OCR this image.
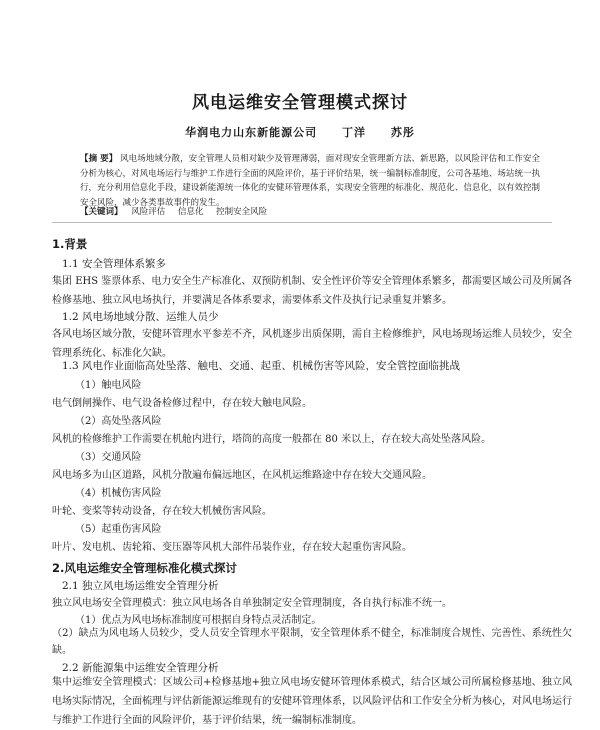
风电运维安全管理模式探讨
华润电力山东新能源公司 丁洋 苏彤
【摘 要】 风电场地域分散，安全管理人员相对缺少及管理薄弱，面对现安全管理新方法、新思路，以风险评估和工作安全分析为核心，对风电场运行与维护工作进行全面的风险评价，基于评价结果，统一编制标准制度，公司各基地、场站统一执行，充分利用信息化手段，建设新能源统一体化的安健环管理体系，实现安全管理的标准化、规范化、信息化，以有效控制安全风险，减少各类事故事件的发生。
【关键词】 风险评估 信息化 控制安全风险
1.背景
1.1 安全管理体系繁多
集团 EHS 鉴票体系、电力安全生产标准化、双预防机制、安全性评价等安全管理体系繁多，都需要区域公司及所属各检修基地、独立风电场执行，并要满足各体系要求，需要体系文件及执行记录重复并繁多。
1.2 风电场地域分散、运维人员少
各风电场区域分散，安健环管理水平参差不齐，风机逐步出质保期，需自主检修维护，风电场现场运维人员较少，安全管理系统化、标准化欠缺。
1.3 风电作业面临高处坠落、触电、交通、起重、机械伤害等风险，安全管控面临挑战
（1）触电风险
电气倒闸操作、电气设备检修过程中，存在较大触电风险。
（2）高处坠落风险
风机的检修维护工作需要在机舱内进行，塔筒的高度一般都在 80 米以上，存在较大高处坠落风险。
（3）交通风险
风电场多为山区道路，风机分散遍布偏远地区，在风机运维路途中存在较大交通风险。
（4）机械伤害风险
叶轮、变桨等转动设备，存在较大机械伤害风险。
（5）起重伤害风险
叶片、发电机、齿轮箱、变压器等风机大部件吊装作业，存在较大起重伤害风险。
2.风电运维安全管理标准化模式探讨
2.1 独立风电场运维安全管理分析
独立风电场安全管理模式：独立风电场各自单独制定安全管理制度，各自执行标准不统一。
（1）优点为风电场标准制度可根据自身特点灵活制定。
（2）缺点为风电场人员较少，受人员安全管理水平限制，安全管理体系不健全，标准制度合规性、完善性、系统性欠缺。
2.2 新能源集中运维安全管理分析
集中运维安全管理模式：区域公司+检修基地+独立风电场安健环管理体系模式，结合区域公司所属检修基地、独立风电场实际情况，全面梳理与评估新能源运维现有的安健环管理体系，以风险评估和工作安全分析为核心，对风电场运行与维护工作进行全面的风险评价，基于评价结果，统一编制标准制度。
